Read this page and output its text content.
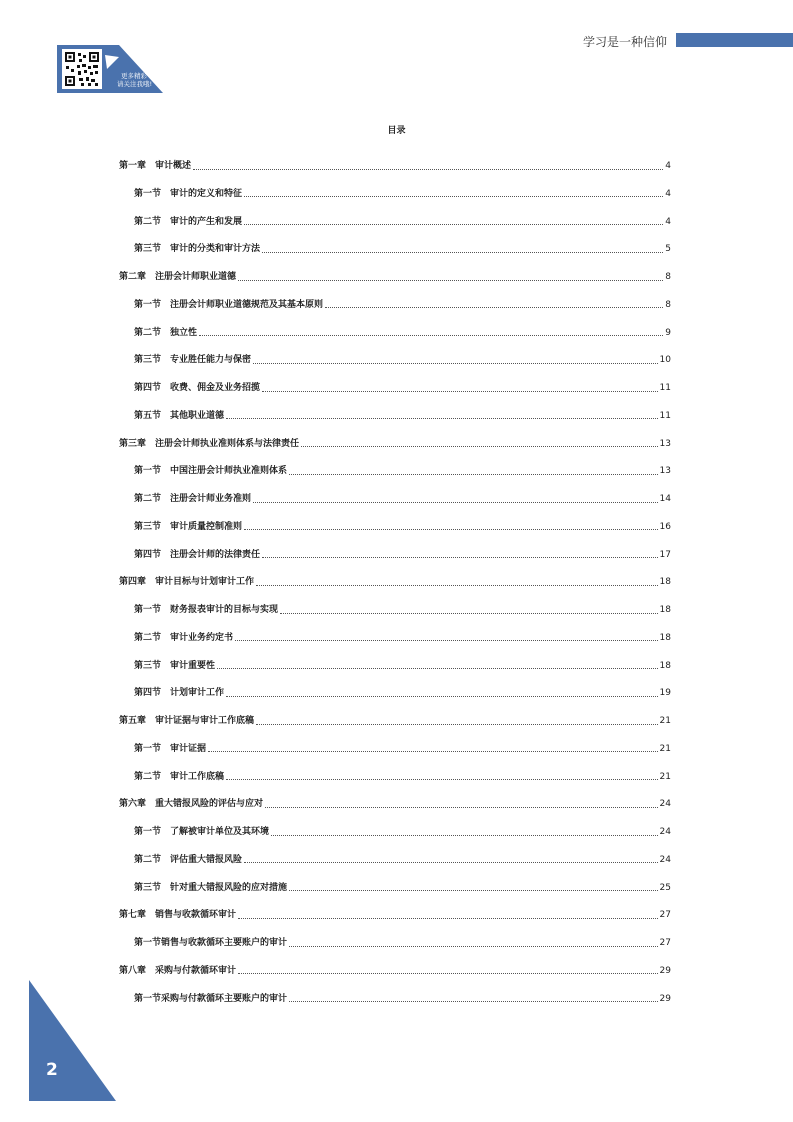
更多精彩
请关注我哦!
学习是一种信仰
目录
第一章 审计概述	4
第一节 审计的定义和特征	4
第二节 审计的产生和发展	4
第三节 审计的分类和审计方法	5
第二章 注册会计师职业道德	8
第一节 注册会计师职业道德规范及其基本原则	8
第二节 独立性	9
第三节 专业胜任能力与保密	10
第四节 收费、佣金及业务招揽	11
第五节 其他职业道德	11
第三章 注册会计师执业准则体系与法律责任	13
第一节 中国注册会计师执业准则体系	13
第二节 注册会计师业务准则	14
第三节 审计质量控制准则	16
第四节 注册会计师的法律责任	17
第四章 审计目标与计划审计工作	18
第一节 财务报表审计的目标与实现	18
第二节 审计业务约定书	18
第三节 审计重要性	18
第四节 计划审计工作	19
第五章 审计证据与审计工作底稿	21
第一节 审计证据	21
第二节 审计工作底稿	21
第六章 重大错报风险的评估与应对	24
第一节 了解被审计单位及其环境	24
第二节 评估重大错报风险	24
第三节 针对重大错报风险的应对措施	25
第七章 销售与收款循环审计	27
第一节销售与收款循环主要账户的审计	27
第八章 采购与付款循环审计	29
第一节采购与付款循环主要账户的审计	29
2
